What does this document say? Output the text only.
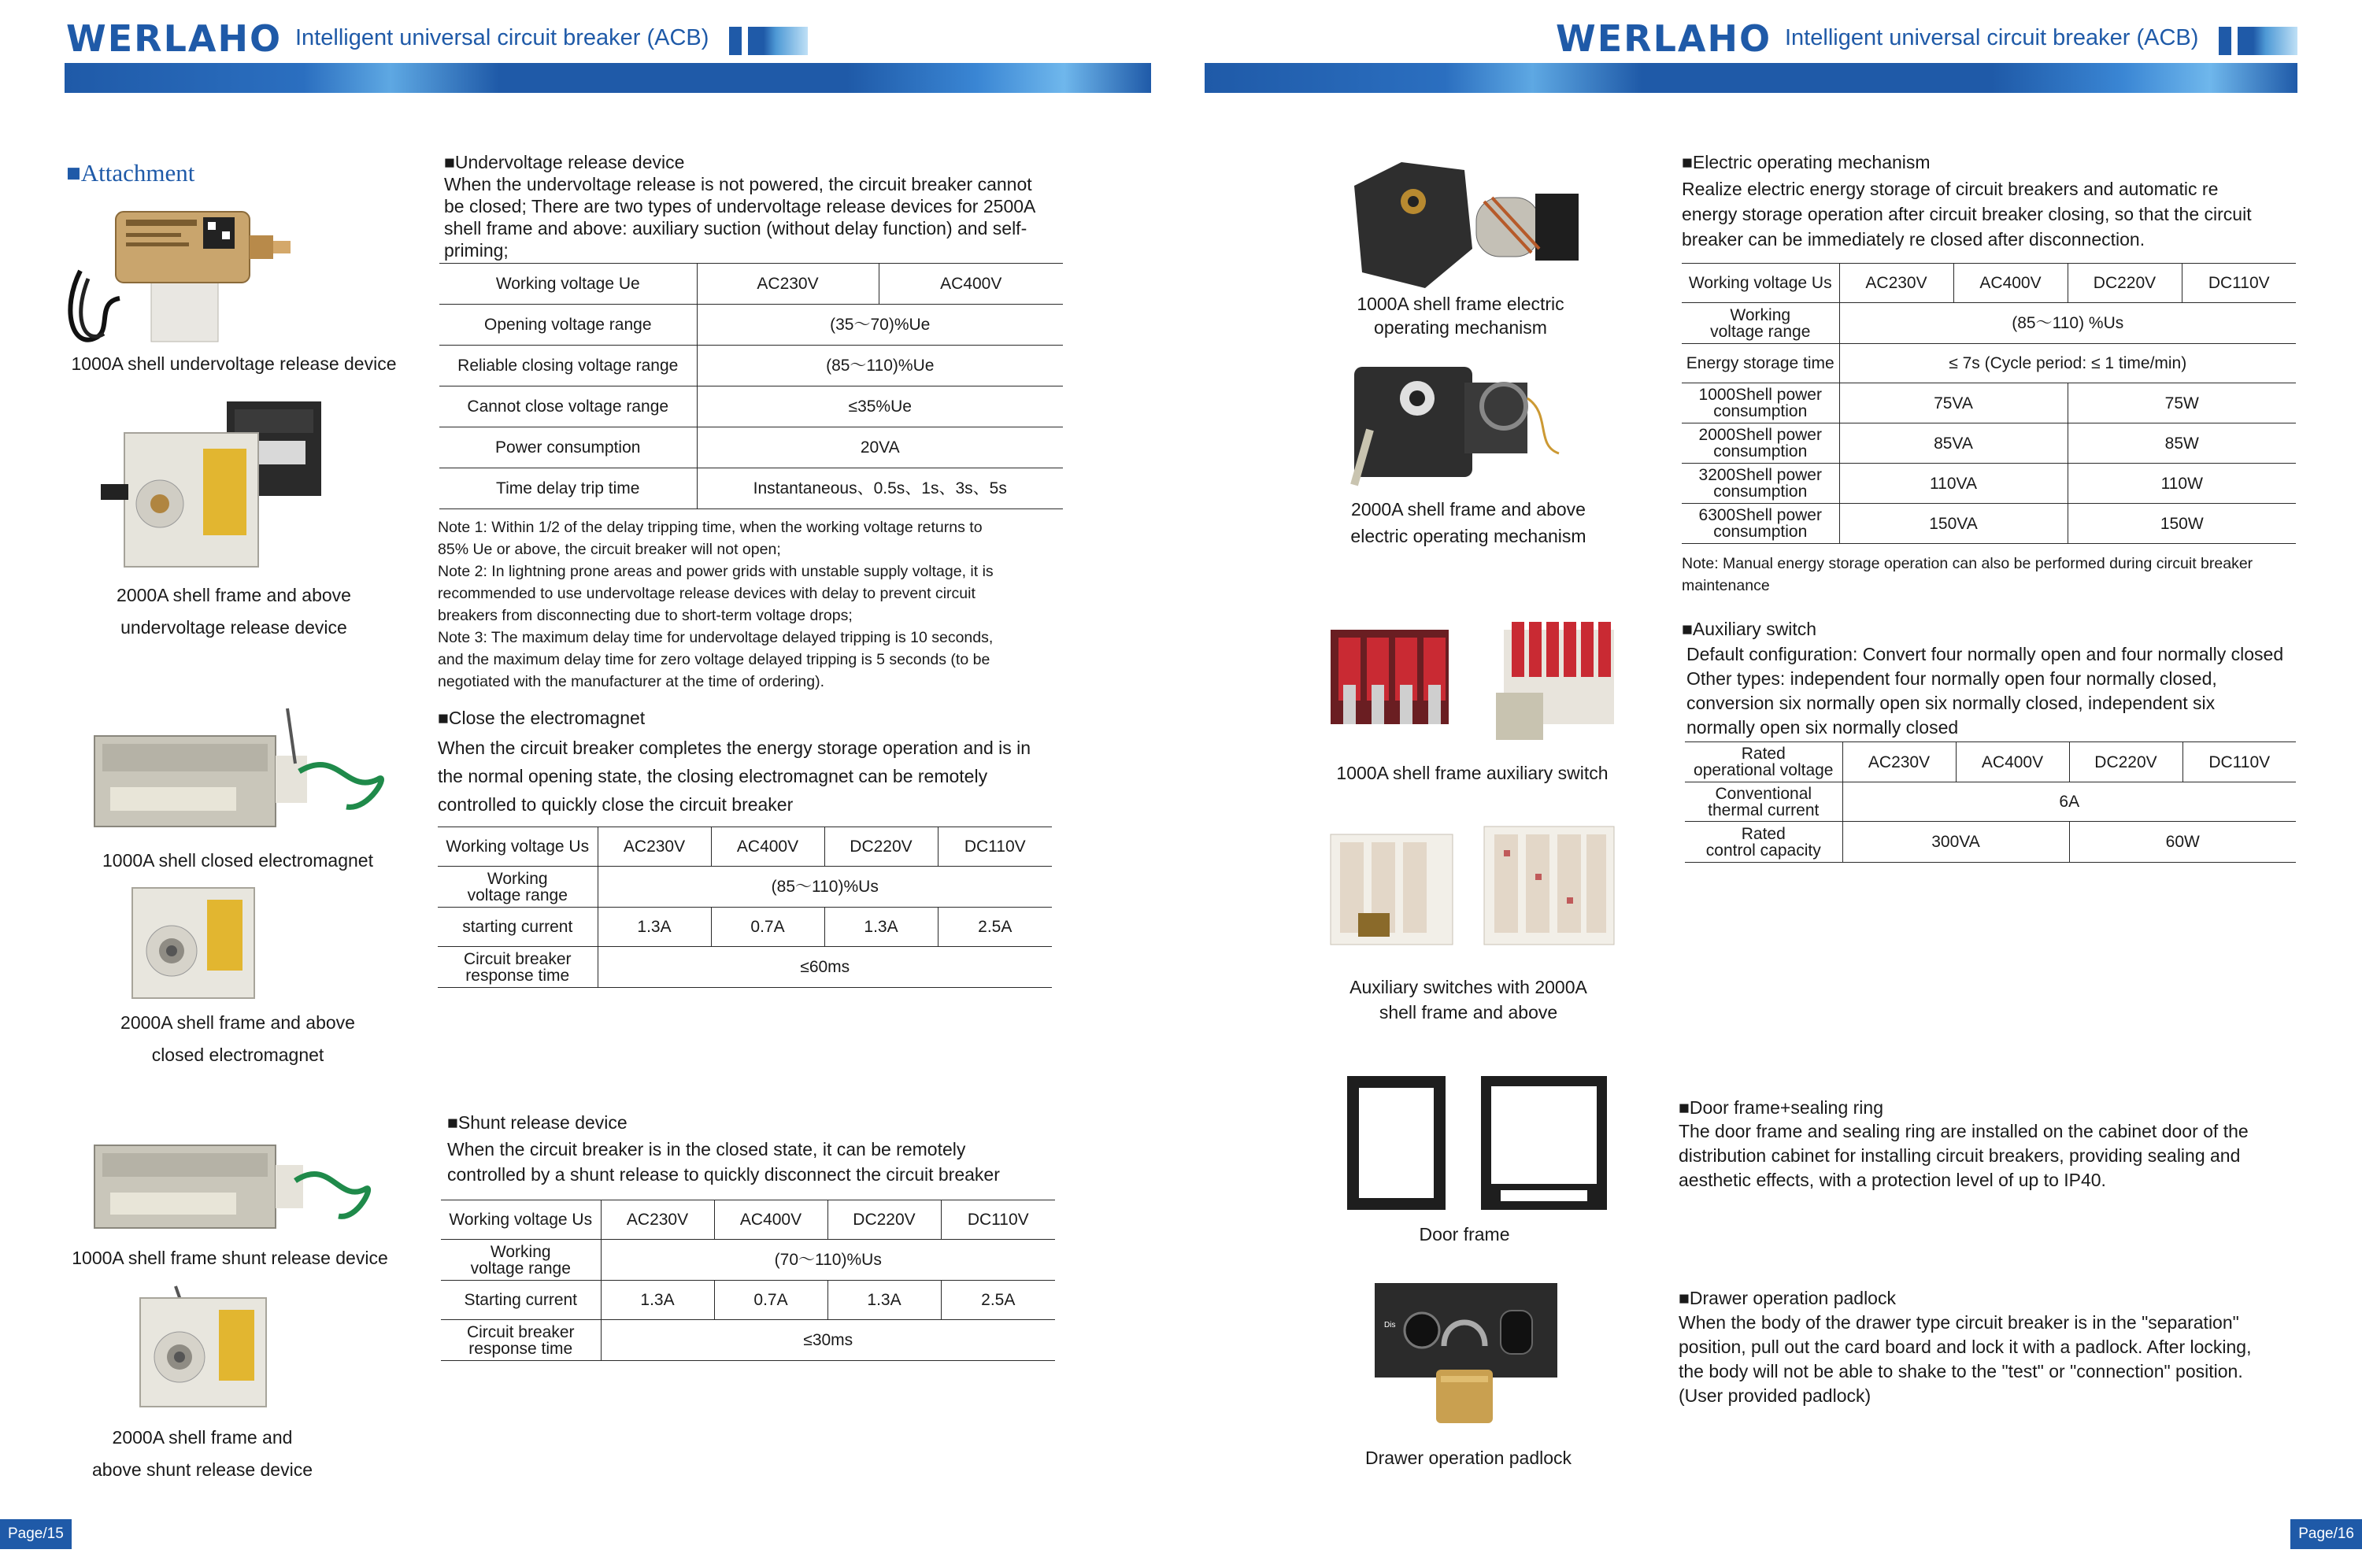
WERLAHO Intelligent universal circuit breaker (ACB)	WERLAHO Intelligent universal circuit breaker (ACB)
■Attachment
1000A shell undervoltage release device
2000A shell frame and above
undervoltage release device
1000A shell closed electromagnet
2000A shell frame and above
closed electromagnet
1000A shell frame shunt release device
2000A shell frame and
above shunt release device
■Undervoltage release device
When the undervoltage release is not powered, the circuit breaker cannot
be closed; There are two types of undervoltage release devices for 2500A
shell frame and above: auxiliary suction (without delay function) and self-
priming;
Working voltage Ue	AC230V	AC400V
Opening voltage range	(35～70)%Ue	
Reliable closing voltage range	(85～110)%Ue	
Cannot close voltage range	≤35%Ue	
Power consumption	20VA	
Time delay trip time	Instantaneous、0.5s、1s、3s、5s	
Note 1: Within 1/2 of the delay tripping time, when the working voltage returns to
85% Ue or above, the circuit breaker will not open;
Note 2: In lightning prone areas and power grids with unstable supply voltage, it is
recommended to use undervoltage release devices with delay to prevent circuit
breakers from disconnecting due to short-term voltage drops;
Note 3: The maximum delay time for undervoltage delayed tripping is 10 seconds,
and the maximum delay time for zero voltage delayed tripping is 5 seconds (to be
negotiated with the manufacturer at the time of ordering).
■Close the electromagnet
When the circuit breaker completes the energy storage operation and is in
the normal opening state, the closing electromagnet can be remotely
controlled to quickly close the circuit breaker
Working voltage Us	AC230V	AC400V	DC220V	DC110V

Working
voltage range	(85～110)%Us			
starting current	1.3A	0.7A	1.3A	2.5A

Circuit breaker
response time	≤60ms			
■Shunt release device
When the circuit breaker is in the closed state, it can be remotely
controlled by a shunt release to quickly disconnect the circuit breaker
Working voltage Us	AC230V	AC400V	DC220V	DC110V

Working
voltage range	(70～110)%Us			
Starting current	1.3A	0.7A	1.3A	2.5A

Circuit breaker
response time	≤30ms			
Page/15
1000A shell frame electric
operating mechanism
2000A shell frame and above
electric operating mechanism
1000A shell frame auxiliary switch
Auxiliary switches with 2000A
shell frame and above
Door frame
Dis
Drawer operation padlock
■Electric operating mechanism
Realize electric energy storage of circuit breakers and automatic re
energy storage operation after circuit breaker closing, so that the circuit
breaker can be immediately re closed after disconnection.
Working voltage Us	AC230V	AC400V	DC220V	DC110V

Working
voltage range	(85～110) %Us			
Energy storage time	≤ 7s (Cycle period: ≤ 1 time/min)			

1000Shell power
consumption	75VA		75W	

2000Shell power
consumption	85VA		85W	

3200Shell power
consumption	110VA		110W	

6300Shell power
consumption	150VA		150W	
Note: Manual energy storage operation can also be performed during circuit breaker
maintenance
■Auxiliary switch
Default configuration: Convert four normally open and four normally closed
Other types: independent four normally open four normally closed,
conversion six normally open six normally closed, independent six
normally open six normally closed
Rated
operational voltage	AC230V	AC400V	DC220V	DC110V

Conventional
thermal current	6A			

Rated
control capacity	300VA		60W	
■Door frame+sealing ring
The door frame and sealing ring are installed on the cabinet door of the
distribution cabinet for installing circuit breakers, providing sealing and
aesthetic effects, with a protection level of up to IP40.
■Drawer operation padlock
When the body of the drawer type circuit breaker is in the "separation"
position, pull out the card board and lock it with a padlock. After locking,
the body will not be able to shake to the "test" or "connection" position.
(User provided padlock)
Page/16
